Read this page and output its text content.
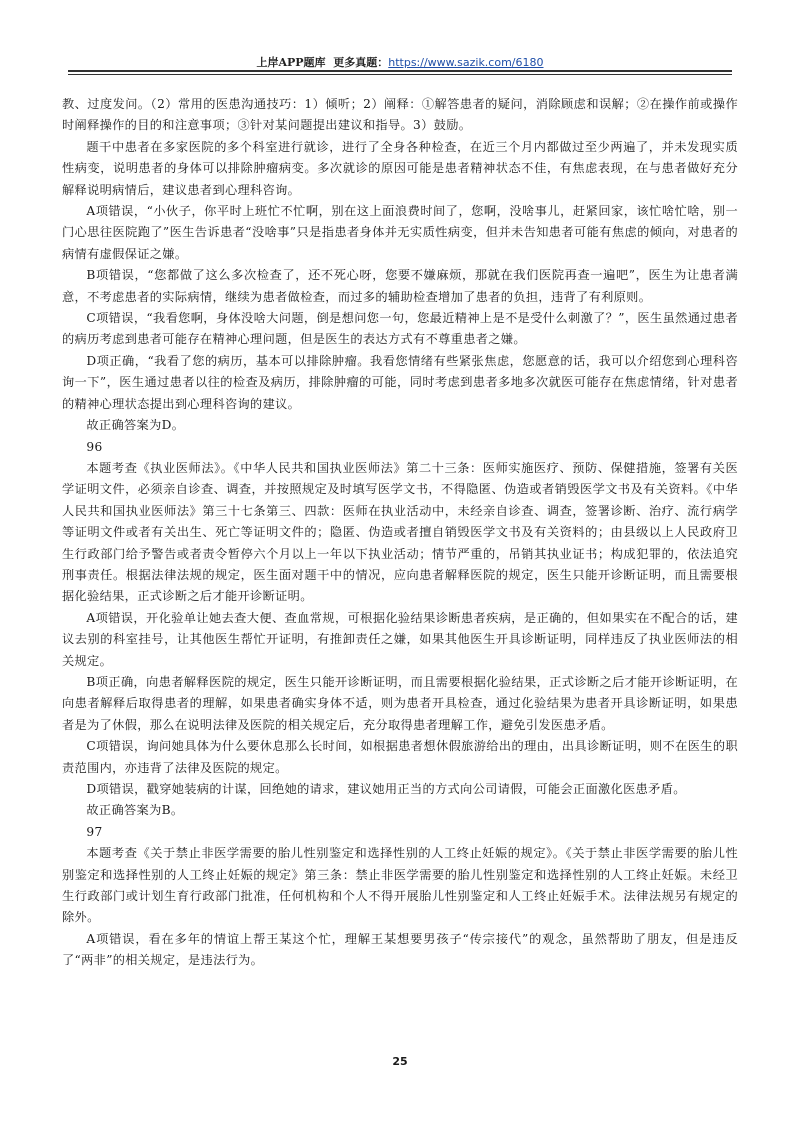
上岸APP题库 更多真题：https://www.sazik.com/6180

教、过度发问。（2）常用的医患沟通技巧：1）倾听；2）阐释：①解答患者的疑问，消除顾虑和误解；②在操作前或操作时阐释操作的目的和注意事项；③针对某问题提出建议和指导。3）鼓励。

题干中患者在多家医院的多个科室进行就诊，进行了全身各种检查，在近三个月内都做过至少两遍了，并未发现实质性病变，说明患者的身体可以排除肿瘤病变。多次就诊的原因可能是患者精神状态不佳，有焦虑表现，在与患者做好充分解释说明病情后，建议患者到心理科咨询。

A项错误，“小伙子，你平时上班忙不忙啊，别在这上面浪费时间了，您啊，没啥事儿，赶紧回家，该忙啥忙啥，别一门心思往医院跑了”医生告诉患者“没啥事”只是指患者身体并无实质性病变，但并未告知患者可能有焦虑的倾向，对患者的病情有虚假保证之嫌。

B项错误，“您都做了这么多次检查了，还不死心呀，您要不嫌麻烦，那就在我们医院再查一遍吧”，医生为让患者满意，不考虑患者的实际病情，继续为患者做检查，而过多的辅助检查增加了患者的负担，违背了有利原则。

C项错误，“我看您啊，身体没啥大问题，倒是想问您一句，您最近精神上是不是受什么刺激了？”，医生虽然通过患者的病历考虑到患者可能存在精神心理问题，但是医生的表达方式有不尊重患者之嫌。

D项正确，“我看了您的病历，基本可以排除肿瘤。我看您情绪有些紧张焦虑，您愿意的话，我可以介绍您到心理科咨询一下”，医生通过患者以往的检查及病历，排除肿瘤的可能，同时考虑到患者多地多次就医可能存在焦虑情绪，针对患者的精神心理状态提出到心理科咨询的建议。

故正确答案为D。

96

本题考查《执业医师法》。《中华人民共和国执业医师法》第二十三条：医师实施医疗、预防、保健措施，签署有关医学证明文件，必须亲自诊查、调查，并按照规定及时填写医学文书，不得隐匿、伪造或者销毁医学文书及有关资料。《中华人民共和国执业医师法》第三十七条第三、四款：医师在执业活动中，未经亲自诊查、调查，签署诊断、治疗、流行病学等证明文件或者有关出生、死亡等证明文件的；隐匿、伪造或者擅自销毁医学文书及有关资料的；由县级以上人民政府卫生行政部门给予警告或者责令暂停六个月以上一年以下执业活动；情节严重的，吊销其执业证书；构成犯罪的，依法追究刑事责任。根据法律法规的规定，医生面对题干中的情况，应向患者解释医院的规定，医生只能开诊断证明，而且需要根据化验结果，正式诊断之后才能开诊断证明。

A项错误，开化验单让她去查大便、查血常规，可根据化验结果诊断患者疾病，是正确的，但如果实在不配合的话，建议去别的科室挂号，让其他医生帮忙开证明，有推卸责任之嫌，如果其他医生开具诊断证明，同样违反了执业医师法的相关规定。

B项正确，向患者解释医院的规定，医生只能开诊断证明，而且需要根据化验结果，正式诊断之后才能开诊断证明，在向患者解释后取得患者的理解，如果患者确实身体不适，则为患者开具检查，通过化验结果为患者开具诊断证明，如果患者是为了休假，那么在说明法律及医院的相关规定后，充分取得患者理解工作，避免引发医患矛盾。

C项错误，询问她具体为什么要休息那么长时间，如根据患者想休假旅游给出的理由，出具诊断证明，则不在医生的职责范围内，亦违背了法律及医院的规定。

D项错误，戳穿她装病的计谋，回绝她的请求，建议她用正当的方式向公司请假，可能会正面激化医患矛盾。

故正确答案为B。

97

本题考查《关于禁止非医学需要的胎儿性别鉴定和选择性别的人工终止妊娠的规定》。《关于禁止非医学需要的胎儿性别鉴定和选择性别的人工终止妊娠的规定》第三条：禁止非医学需要的胎儿性别鉴定和选择性别的人工终止妊娠。未经卫生行政部门或计划生育行政部门批准，任何机构和个人不得开展胎儿性别鉴定和人工终止妊娠手术。法律法规另有规定的除外。

A项错误，看在多年的情谊上帮王某这个忙，理解王某想要男孩子“传宗接代”的观念，虽然帮助了朋友，但是违反了“两非”的相关规定，是违法行为。

25
